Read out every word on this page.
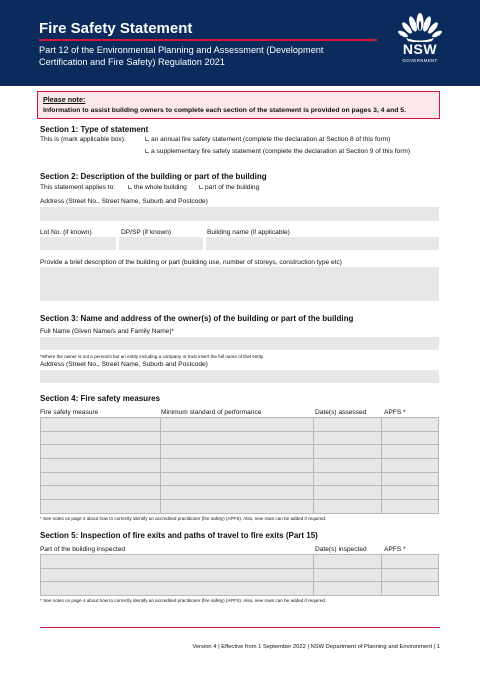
Fire Safety Statement
Part 12 of the Environmental Planning and Assessment (Development Certification and Fire Safety) Regulation 2021
NSW
GOVERNMENT
Please note:
Information to assist building owners to complete each section of the statement is provided on pages 3, 4 and 5.
Section 1: Type of statement
This is (mark applicable box):	an annual fire safety statement (complete the declaration at Section 8 of this form)
a supplementary fire safety statement (complete the declaration at Section 9 of this form)
Section 2: Description of the building or part of the building
This statement applies to:	the whole building	part of the building
Address (Street No., Street Name, Suburb and Postcode)
Lot No. (if known)	DP/SP (if known)	Building name (if applicable)
Provide a brief description of the building or part (building use, number of storeys, construction type etc)
Section 3: Name and address of the owner(s) of the building or part of the building
Full Name (Given Name/s and Family Name)*
*Where the owner is not a person/s but an entity including a company or trust insert the full name of that entity.
Address (Street No., Street Name, Suburb and Postcode)
Section 4: Fire safety measures
Fire safety measure	Minimum standard of performance	Date(s) assessed	APFS *

* See notes on page 4 about how to correctly identify an accredited practitioner (fire safety) (APFS). Also, new rows can be added if required.
Section 5: Inspection of fire exits and paths of travel to fire exits (Part 15)
Part of the building inspected	Date(s) inspected	APFS *

* See notes on page 4 about how to correctly identify an accredited practitioner (fire safety) (APFS). Also, new rows can be added if required.
Version 4 | Effective from 1 September 2022 | NSW Department of Planning and Environment | 1
